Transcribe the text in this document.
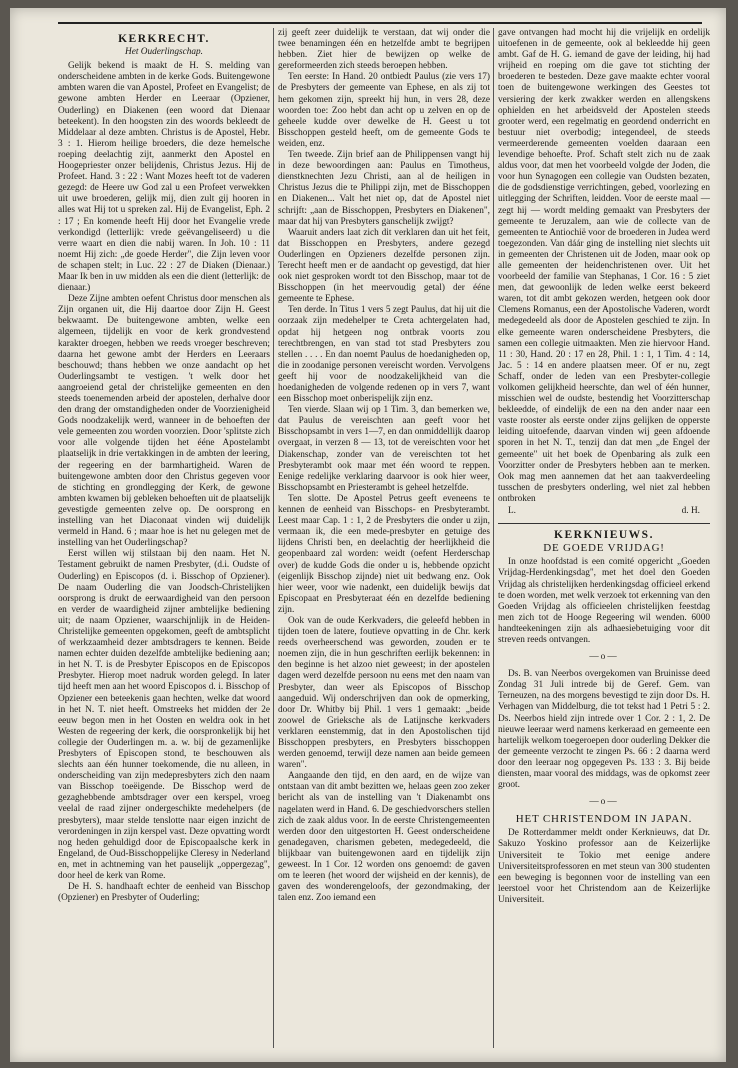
KERKRECHT.
Het Ouderlingschap.

Gelijk bekend is maakt de H. S. melding van onderscheidene ambten in de kerke Gods. Buitengewone ambten waren die van Apostel, Profeet en Evangelist; de gewone ambten Herder en Leeraar (Opziener, Ouderling) en Diakenen (een woord dat Dienaar beteekent). In den hoogsten zin des woords bekleedt de Middelaar al deze ambten. Christus is de Apostel, Hebr. 3 : 1. Hierom heilige broeders, die deze hemelsche roeping deelachtig zijt, aanmerkt den Apostel en Hoogepriester onzer belijdenis, Christus Jezus. Hij de Profeet. Hand. 3 : 22 : Want Mozes heeft tot de vaderen gezegd: de Heere uw God zal u een Profeet verwekken uit uwe broederen, gelijk mij, dien zult gij hooren in alles wat Hij tot u spreken zal. Hij de Evangelist, Eph. 2 : 17 ; En komende heeft Hij door het Evangelie vrede verkondigd (letterlijk: vrede geëvangeliseerd) u die verre waart en dien die nabij waren. In Joh. 10 : 11 noemt Hij zich: „de goede Herder", die Zijn leven voor de schapen stelt; in Luc. 22 : 27 de Diaken (Dienaar.) Maar Ik ben in uw midden als een die dient (letterlijk: de dienaar.)

Deze Zijne ambten oefent Christus door menschen als Zijn organen uit, die Hij daartoe door Zijn H. Geest bekwaamt. De buitengewone ambten, welke een algemeen, tijdelijk en voor de kerk grondvestend karakter droegen, hebben we reeds vroeger beschreven; daarna het gewone ambt der Herders en Leeraars beschouwd; thans hebben we onze aandacht op het Ouderlingsambt te vestigen. 't welk door het aangroeiend getal der christelijke gemeenten en den steeds toenemenden arbeid der apostelen, derhalve door den drang der omstandigheden onder de Voorzienigheid Gods noodzakelijk werd, wanneer in de behoeften der vele gemeenten zou worden voorzien. Door 'splitste zich voor alle volgende tijden het ééne Apostelambt plaatselijk in drie vertakkingen in de ambten der leering, der regeering en der barmhartigheid. Waren de buitengewone ambten door den Christus gegeven voor de stichting en grondlegging der Kerk, de gewone ambten kwamen bij gebleken behoeften uit de plaatselijk gevestigde gemeenten zelve op. De oorsprong en instelling van het Diaconaat vinden wij duidelijk vermeld in Hand. 6 ; maar hoe is het nu gelegen met de instelling van het Ouderlingschap?

Eerst willen wij stilstaan bij den naam. Het N. Testament gebruikt de namen Presbyter, (d.i. Oudste of Ouderling) en Episcopos (d. i. Bisschop of Opziener). De naam Ouderling die van Joodsch-Christelijken oorsprong is drukt de eerwaardigheid van den persoon en verder de waardigheid zijner ambtelijke bediening uit; de naam Opziener, waarschijnlijk in de Heiden-Christelijke gemeenten opgekomen, geeft de ambtsplicht of werkzaamheid dezer ambtsdragers te kennen. Beide namen echter duiden dezelfde ambtelijke bediening aan; in het N. T. is de Presbyter Episcopos en de Episcopos Presbyter. Hierop moet nadruk worden gelegd. In later tijd heeft men aan het woord Episcopos d. i. Bisschop of Opziener een beteekenis gaan hechten, welke dat woord in het N. T. niet heeft. Omstreeks het midden der 2e eeuw begon men in het Oosten en weldra ook in het Westen de regeering der kerk, die oorspronkelijk bij het collegie der Ouderlingen m. a. w. bij de gezamenlijke Presbyters of Episcopen stond, te beschouwen als slechts aan één hunner toekomende, die nu alleen, in onderscheiding van zijn medepresbyters zich den naam van Bisschop toeëigende. De Bisschop werd de gezaghebbende ambtsdrager over een kerspel, vroeg veelal de raad zijner ondergeschikte medehelpers (de presbyters), maar stelde tenslotte naar eigen inzicht de verordeningen in zijn kerspel vast. Deze opvatting wordt nog heden gehuldigd door de Episcopaalsche kerk in Engeland, de Oud-Bisschoppelijke Cleresy in Nederland en, met in achtneming van het pauselijk „oppergezag", door heel de kerk van Rome.

De H. S. handhaaft echter de eenheid van Bisschop (Opziener) en Presbyter of Ouderling;

zij geeft zeer duidelijk te verstaan, dat wij onder die twee benamingen één en hetzelfde ambt te begrijpen hebben. Ziet hier de bewijzen op welke de gereformeerden zich steeds beroepen hebben.

Ten eerste: In Hand. 20 ontbiedt Paulus (zie vers 17) de Presbyters der gemeente van Ephese, en als zij tot hem gekomen zijn, spreekt hij hun, in vers 28, deze woorden toe: Zoo hebt dan acht op u zelven en op de geheele kudde over dewelke de H. Geest u tot Bisschoppen gesteld heeft, om de gemeente Gods te weiden, enz.

Ten tweede. Zijn brief aan de Philippensen vangt hij in deze bewoordingen aan: Paulus en Timotheus, dienstknechten Jezu Christi, aan al de heiligen in Christus Jezus die te Philippi zijn, met de Bisschoppen en Diakenen... Valt het niet op, dat de Apostel niet schrijft: „aan de Bisschoppen, Presbyters en Diakenen", maar dat hij van Presbyters ganschelijk zwijgt?

Waaruit anders laat zich dit verklaren dan uit het feit, dat Bisschoppen en Presbyters, andere gezegd Ouderlingen en Opzieners dezelfde personen zijn. Terecht heeft men er de aandacht op gevestigd, dat hier ook niet gesproken wordt tot den Bisschop, maar tot de Bisschoppen (in het meervoudig getal) der ééne gemeente te Ephese.

Ten derde. In Titus 1 vers 5 zegt Paulus, dat hij uit die oorzaak zijn medehelper te Creta achtergelaten had, opdat hij hetgeen nog ontbrak voorts zou terechtbrengen, en van stad tot stad Presbyters zou stellen . . . . En dan noemt Paulus de hoedanigheden op, die in zoodanige personen vereischt worden. Vervolgens geeft hij voor de noodzakelijkheid van die hoedanigheden de volgende redenen op in vers 7, want een Bisschop moet onberispelijk zijn enz.

Ten vierde. Slaan wij op 1 Tim. 3, dan bemerken we, dat Paulus de vereischten aan geeft voor het Bisschopsambt in vers 1—7, en dan onmiddellijk daarop overgaat, in verzen 8 — 13, tot de vereischten voor het Diakenschap, zonder van de vereischten tot het Presbyterambt ook maar met één woord te reppen. Eenige redelijke verklaring daarvoor is ook hier weer, Bisschopsambt en Priesterambt is geheel hetzelfde.

Ten slotte. De Apostel Petrus geeft eveneens te kennen de eenheid van Bisschops- en Presbyterambt. Leest maar Cap. 1 : 1, 2 de Presbyters die onder u zijn, vermaan ik, die een mede-presbyter en getuige des lijdens Christi ben, en deelachtig der heerlijkheid die geopenbaard zal worden: weidt (oefent Herderschap over) de kudde Gods die onder u is, hebbende opzicht (eigenlijk Bisschop zijnde) niet uit bedwang enz. Ook hier weer, voor wie nadenkt, een duidelijk bewijs dat Episcopaat en Presbyteraat één en dezelfde bediening zijn.

Ook van de oude Kerkvaders, die geleefd hebben in tijden toen de latere, foutieve opvatting in de Chr. kerk reeds overheerschend was geworden, zouden er te noemen zijn, die in hun geschriften eerlijk bekennen: in den beginne is het alzoo niet geweest; in der apostelen dagen werd dezelfde persoon nu eens met den naam van Presbyter, dan weer als Episcopos of Bisschop aangeduid. Wij onderschrijven dan ook de opmerking, door Dr. Whitby bij Phil. 1 vers 1 gemaakt: „beide zoowel de Grieksche als de Latijnsche kerkvaders verklaren eenstemmig, dat in den Apostolischen tijd Bisschoppen presbyters, en Presbyters bisschoppen werden genoemd, terwijl deze namen aan beide gemeen waren".

Aangaande den tijd, en den aard, en de wijze van ontstaan van dit ambt bezitten we, helaas geen zoo zeker bericht als van de instelling van 't Diakenambt ons nagelaten werd in Hand. 6. De geschiedvorschers stellen zich de zaak aldus voor. In de eerste Christengemeenten werden door den uitgestorten H. Geest onderscheidene genadegaven, charismen gebeten, medegedeeld, die blijkbaar van buitengewonen aard en tijdelijk zijn geweest. In 1 Cor. 12 worden ons genoemd: de gaven om te leeren (het woord der wijsheid en der kennis), de gaven des wonderengeloofs, der gezondmaking, der talen enz. Zoo iemand een

gave ontvangen had mocht hij die vrijelijk en ordelijk uitoefenen in de gemeente, ook al bekleedde hij geen ambt. Gaf de H. G. iemand de gave der leiding, hij had vrijheid en roeping om die gave tot stichting der broederen te besteden. Deze gave maakte echter vooral toen de buitengewone werkingen des Geestes tot versiering der kerk zwakker werden en allengskens ophielden en het arbeidsveld der Apostelen steeds grooter werd, een regelmatig en geordend onderricht en bestuur niet overbodig; integendeel, de steeds vermeerderende gemeenten voelden daaraan een levendige behoefte. Prof. Schaft stelt zich nu de zaak aldus voor, dat men het voorbeeld volgde der Joden, die voor hun Synagogen een collegie van Oudsten bezaten, die de godsdienstige verrichtingen, gebed, voorlezing en uitlegging der Schriften, leidden. Voor de eerste maal — zegt hij — wordt melding gemaakt van Presbyters der gemeente te Jeruzalem, aan wie de collecte van de gemeenten te Antiochië voor de broederen in Judea werd toegezonden. Van dáár ging de instelling niet slechts uit in gemeenten der Christenen uit de Joden, maar ook op alle gemeenten der heidenchristenen over. Uit het voorbeeld der familie van Stephanas, 1 Cor. 16 : 5 ziet men, dat gewoonlijk de leden welke eerst bekeerd waren, tot dit ambt gekozen werden, hetgeen ook door Clemens Romanus, een der Apostolische Vaderen, wordt medegedeeld als door de Apostelen geschied te zijn. In elke gemeente waren onderscheidene Presbyters, die samen een collegie uitmaakten. Men zie hiervoor Hand. 11 : 30, Hand. 20 : 17 en 28, Phil. 1 : 1, 1 Tim. 4 : 14, Jac. 5 : 14 en andere plaatsen meer. Of er nu, zegt Schaff, onder de leden van een Presbyter-collegie volkomen gelijkheid heerschte, dan wel of één hunner, misschien wel de oudste, bestendig het Voorzitterschap bekleedde, of eindelijk de een na den ander naar een vaste rooster als eerste onder zijns gelijken de opperste leiding uitoefende, daarvan vinden wij geen afdoende sporen in het N. T., tenzij dan dat men „de Engel der gemeente" uit het boek de Openbaring als zulk een Voorzitter onder de Presbyters hebben aan te merken. Ook mag men aannemen dat het aan taakverdeeling tusschen de presbyters onderling, wel niet zal hebben ontbroken

L.	d. H.
KERKNIEUWS.
DE GOEDE VRIJDAG!

In onze hoofdstad is een comité opgericht „Goeden Vrijdag-Herdenkingsdag", met het doel den Goeden Vrijdag als christelijken herdenkingsdag officieel erkend te doen worden, met welk verzoek tot erkenning van den Goeden Vrijdag als officieelen christelijken feestdag men zich tot de Hooge Regeering wil wenden. 6000 handteekeningen zijn als adhaesiebetuiging voor dit streven reeds ontvangen.

—o—

Ds. B. van Neerbos overgekomen van Bruinisse deed Zondag 31 Juli intrede bij de Geref. Gem. van Terneuzen, na des morgens bevestigd te zijn door Ds. H. Verhagen van Middelburg, die tot tekst had 1 Petri 5 : 2. Ds. Neerbos hield zijn intrede over 1 Cor. 2 : 1, 2. De nieuwe leeraar werd namens kerkeraad en gemeente een hartelijk welkom toegeroepen door ouderling Dekker die der gemeente verzocht te zingen Ps. 66 : 2 daarna werd door den leeraar nog opgegeven Ps. 133 : 3. Bij beide diensten, maar vooral des middags, was de opkomst zeer groot.

—o—
HET CHRISTENDOM IN JAPAN.

De Rotterdammer meldt onder Kerknieuws, dat Dr. Sakuzo Yoskino professor aan de Keizerlijke Universiteit te Tokio met eenige andere Universiteitsprofessoren en met steun van 300 studenten een beweging is begonnen voor de instelling van een leerstoel voor het Christendom aan de Keizerlijke Universiteit.
